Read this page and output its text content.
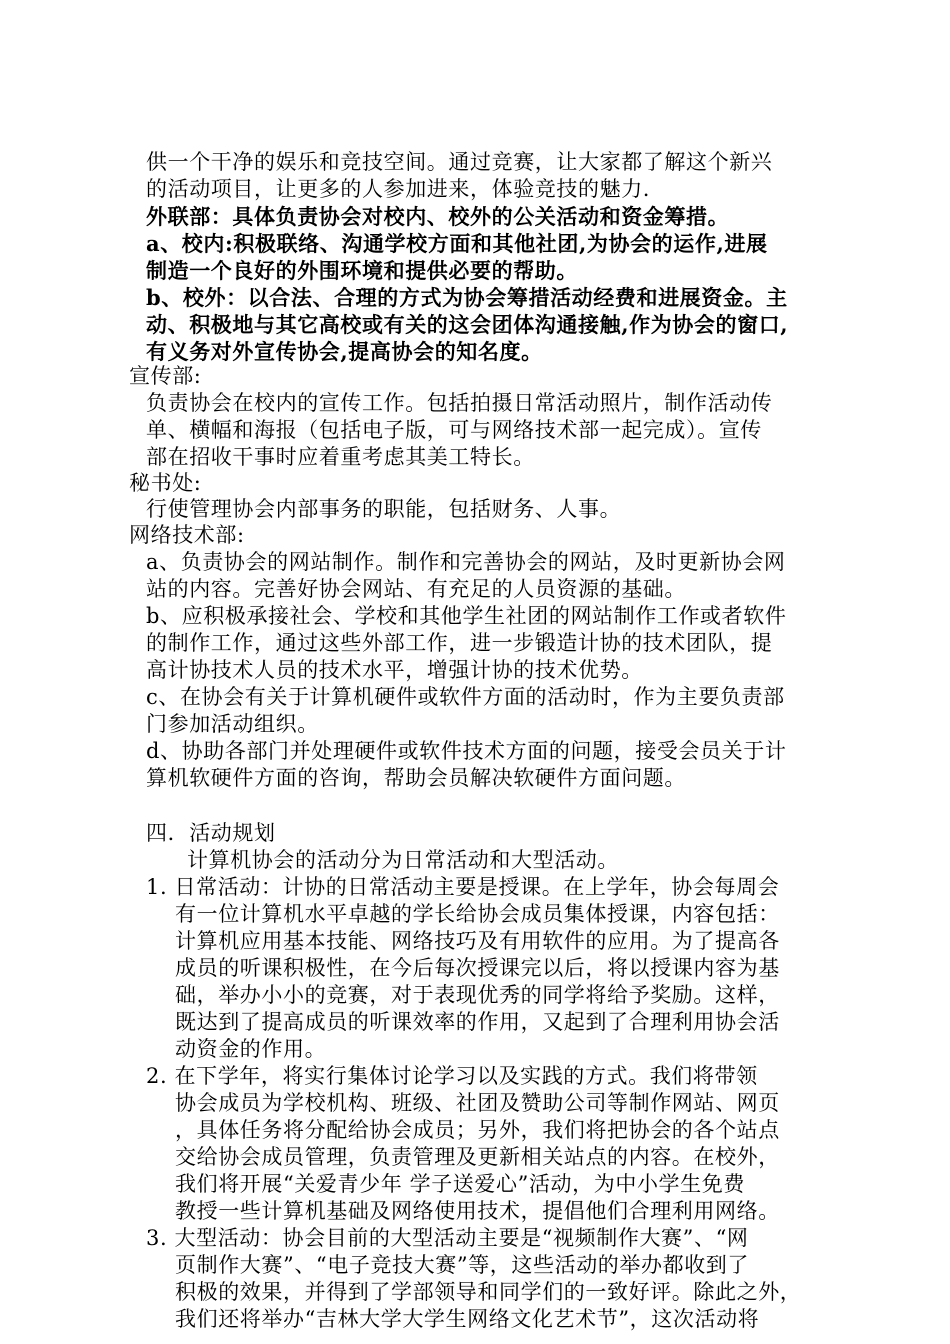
供一个干净的娱乐和竞技空间。通过竞赛，让大家都了解这个新兴
的活动项目，让更多的人参加进来，体验竞技的魅力.
外联部：具体负责协会对校内、校外的公关活动和资金筹措。
a、校内:积极联络、沟通学校方面和其他社团,为协会的运作,进展
制造一个良好的外围环境和提供必要的帮助。
b、校外：以合法、合理的方式为协会筹措活动经费和进展资金。主
动、积极地与其它高校或有关的这会团体沟通接触,作为协会的窗口,
有义务对外宣传协会,提高协会的知名度。
宣传部:
负责协会在校内的宣传工作。包括拍摄日常活动照片，制作活动传
单、横幅和海报（包括电子版，可与网络技术部一起完成）。宣传
部在招收干事时应着重考虑其美工特长。
秘书处:
行使管理协会内部事务的职能，包括财务、人事。
网络技术部:
a、负责协会的网站制作。制作和完善协会的网站，及时更新协会网
站的内容。完善好协会网站、有充足的人员资源的基础。
b、应积极承接社会、学校和其他学生社团的网站制作工作或者软件
的制作工作，通过这些外部工作，进一步锻造计协的技术团队，提
高计协技术人员的技术水平，增强计协的技术优势。
c、在协会有关于计算机硬件或软件方面的活动时，作为主要负责部
门参加活动组织。
d、协助各部门并处理硬件或软件技术方面的问题，接受会员关于计
算机软硬件方面的咨询，帮助会员解决软硬件方面问题。
四．活动规划
计算机协会的活动分为日常活动和大型活动。
1. 日常活动：计协的日常活动主要是授课。在上学年，协会每周会
有一位计算机水平卓越的学长给协会成员集体授课，内容包括：
计算机应用基本技能、网络技巧及有用软件的应用。为了提高各
成员的听课积极性，在今后每次授课完以后，将以授课内容为基
础，举办小小的竞赛，对于表现优秀的同学将给予奖励。这样，
既达到了提高成员的听课效率的作用，又起到了合理利用协会活
动资金的作用。
2. 在下学年，将实行集体讨论学习以及实践的方式。我们将带领
协会成员为学校机构、班级、社团及赞助公司等制作网站、网页
，具体任务将分配给协会成员；另外，我们将把协会的各个站点
交给协会成员管理，负责管理及更新相关站点的内容。在校外，
我们将开展“关爱青少年 学子送爱心”活动，为中小学生免费
教授一些计算机基础及网络使用技术，提倡他们合理利用网络。
3. 大型活动：协会目前的大型活动主要是“视频制作大赛”、“网
页制作大赛”、“电子竞技大赛”等，这些活动的举办都收到了
积极的效果，并得到了学部领导和同学们的一致好评。除此之外，
我们还将举办“吉林大学大学生网络文化艺术节”，这次活动将
